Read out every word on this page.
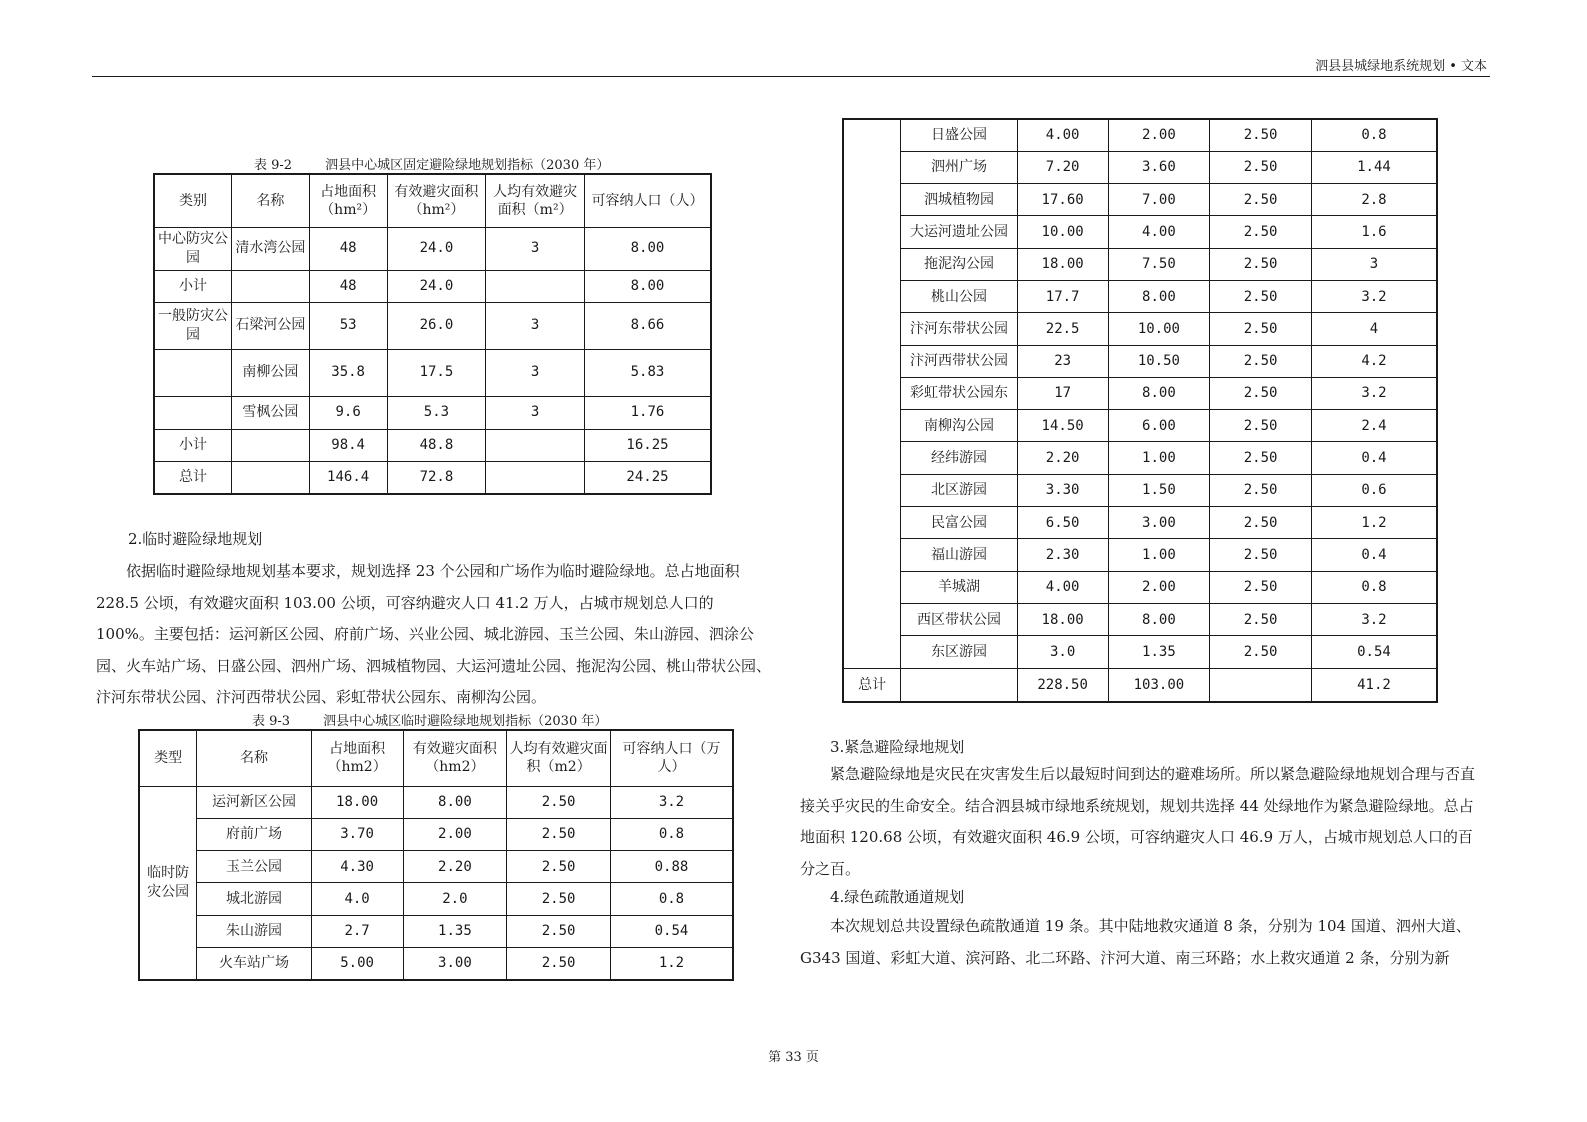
泗县县城绿地系统规划 • 文本
表 9-2        泗县中心城区固定避险绿地规划指标（2030 年）
类别	名称	占地面积（hm²）	有效避灾面积（hm²）	人均有效避灾面积（m²）	可容纳人口（人）
中心防灾公园	清水湾公园	48	24.0	3	8.00
小计		48	24.0		8.00
一般防灾公园	石梁河公园	53	26.0	3	8.66
	南柳公园	35.8	17.5	3	5.83
	雪枫公园	9.6	5.3	3	1.76
小计		98.4	48.8		16.25
总计		146.4	72.8		24.25
2.临时避险绿地规划

依据临时避险绿地规划基本要求，规划选择 23 个公园和广场作为临时避险绿地。总占地面积 228.5 公顷，有效避灾面积 103.00 公顷，可容纳避灾人口 41.2 万人，占城市规划总人口的 100%。主要包括：运河新区公园、府前广场、兴业公园、城北游园、玉兰公园、朱山游园、泗涂公园、火车站广场、日盛公园、泗州广场、泗城植物园、大运河遗址公园、拖泥沟公园、桃山带状公园、汴河东带状公园、汴河西带状公园、彩虹带状公园东、南柳沟公园。

表 9-3        泗县中心城区临时避险绿地规划指标（2030 年）
类型	名称	占地面积（hm2）	有效避灾面积（hm2）	人均有效避灾面积（m2）	可容纳人口（万人）
临时防灾公园	运河新区公园	18.00	8.00	2.50	3.2
	府前广场	3.70	2.00	2.50	0.8
	玉兰公园	4.30	2.20	2.50	0.88
	城北游园	4.0	2.0	2.50	0.8
	朱山游园	2.7	1.35	2.50	0.54
	火车站广场	5.00	3.00	2.50	1.2
	日盛公园	4.00	2.00	2.50	0.8
	泗州广场	7.20	3.60	2.50	1.44
	泗城植物园	17.60	7.00	2.50	2.8
	大运河遗址公园	10.00	4.00	2.50	1.6
	拖泥沟公园	18.00	7.50	2.50	3
	桃山公园	17.7	8.00	2.50	3.2
	汴河东带状公园	22.5	10.00	2.50	4
	汴河西带状公园	23	10.50	2.50	4.2
	彩虹带状公园东	17	8.00	2.50	3.2
	南柳沟公园	14.50	6.00	2.50	2.4
	经纬游园	2.20	1.00	2.50	0.4
	北区游园	3.30	1.50	2.50	0.6
	民富公园	6.50	3.00	2.50	1.2
	福山游园	2.30	1.00	2.50	0.4
	羊城湖	4.00	2.00	2.50	0.8
	西区带状公园	18.00	8.00	2.50	3.2
	东区游园	3.0	1.35	2.50	0.54
总计		228.50	103.00		41.2
3.紧急避险绿地规划

紧急避险绿地是灾民在灾害发生后以最短时间到达的避难场所。所以紧急避险绿地规划合理与否直接关乎灾民的生命安全。结合泗县城市绿地系统规划，规划共选择 44 处绿地作为紧急避险绿地。总占地面积 120.68 公顷，有效避灾面积 46.9 公顷，可容纳避灾人口 46.9 万人，占城市规划总人口的百分之百。

4.绿色疏散通道规划

本次规划总共设置绿色疏散通道 19 条。其中陆地救灾通道 8 条，分别为 104 国道、泗州大道、G343 国道、彩虹大道、滨河路、北二环路、汴河大道、南三环路；水上救灾通道 2 条，分别为新

第 33 页
